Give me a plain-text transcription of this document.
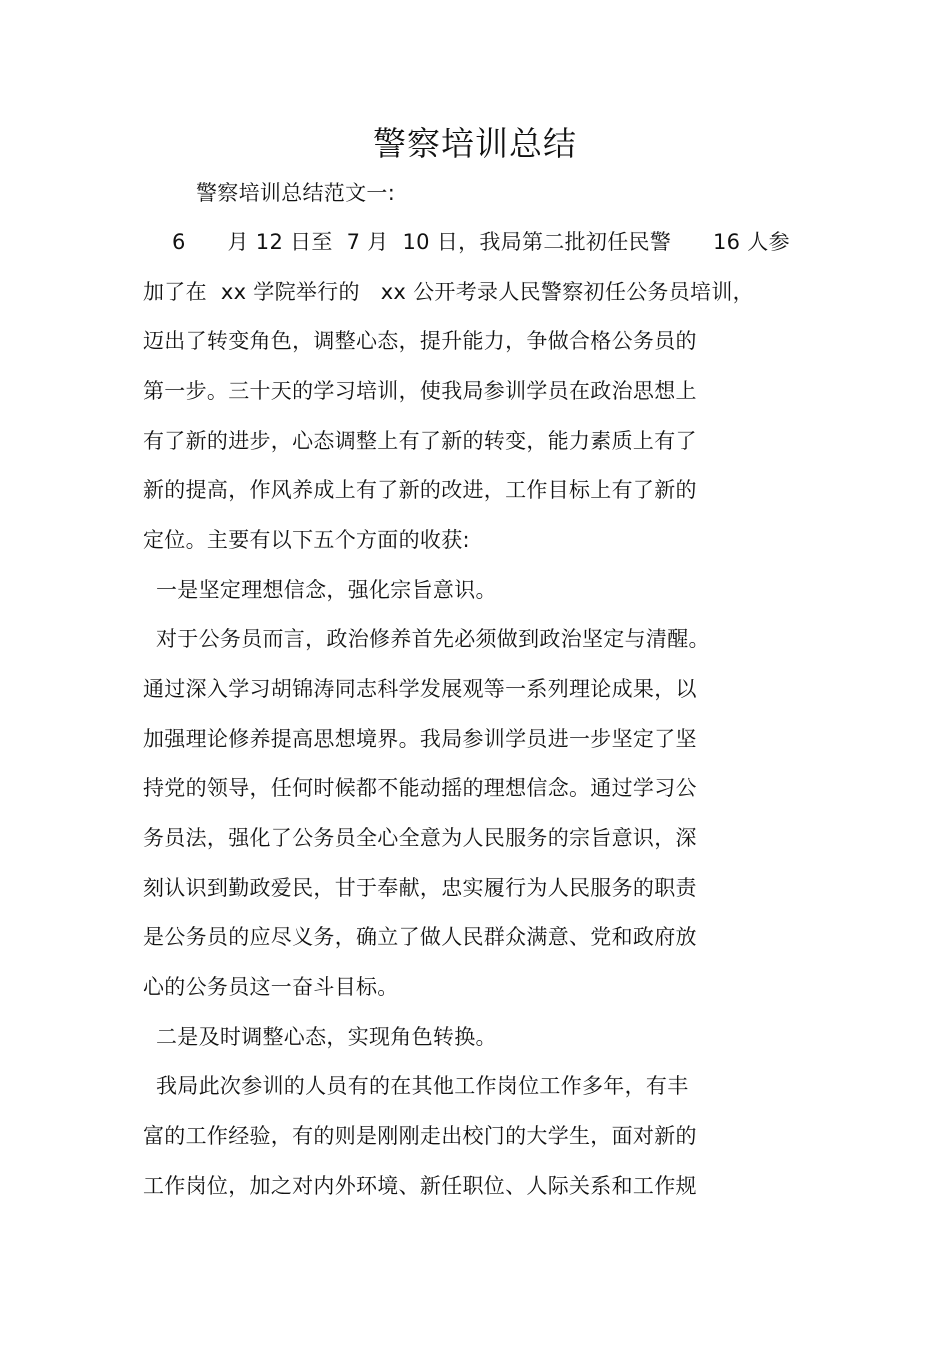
警察培训总结
警察培训总结范文一:
6      月 12 日至  7 月  10 日，我局第二批初任民警      16 人参
加了在  xx 学院举行的   xx 公开考录人民警察初任公务员培训，
迈出了转变角色，调整心态，提升能力，争做合格公务员的
第一步。三十天的学习培训，使我局参训学员在政治思想上
有了新的进步，心态调整上有了新的转变，能力素质上有了
新的提高，作风养成上有了新的改进，工作目标上有了新的
定位。主要有以下五个方面的收获:
一是坚定理想信念，强化宗旨意识。
对于公务员而言，政治修养首先必须做到政治坚定与清醒。
通过深入学习胡锦涛同志科学发展观等一系列理论成果，以
加强理论修养提高思想境界。我局参训学员进一步坚定了坚
持党的领导，任何时候都不能动摇的理想信念。通过学习公
务员法，强化了公务员全心全意为人民服务的宗旨意识，深
刻认识到勤政爱民，甘于奉献，忠实履行为人民服务的职责
是公务员的应尽义务，确立了做人民群众满意、党和政府放
心的公务员这一奋斗目标。
二是及时调整心态，实现角色转换。
我局此次参训的人员有的在其他工作岗位工作多年，有丰
富的工作经验，有的则是刚刚走出校门的大学生，面对新的
工作岗位，加之对内外环境、新任职位、人际关系和工作规
